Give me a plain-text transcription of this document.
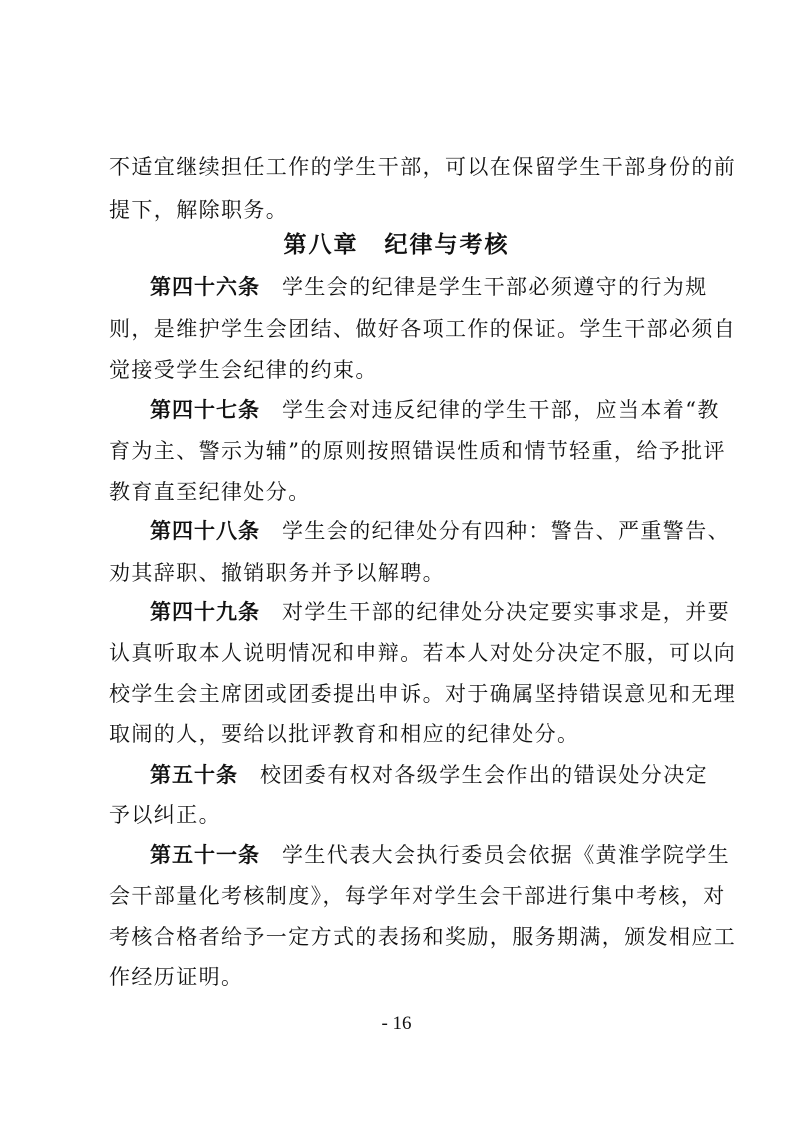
不适宜继续担任工作的学生干部，可以在保留学生干部身份的前
提下，解除职务。
第八章 纪律与考核
第四十六条 学生会的纪律是学生干部必须遵守的行为规
则，是维护学生会团结、做好各项工作的保证。学生干部必须自
觉接受学生会纪律的约束。
第四十七条 学生会对违反纪律的学生干部，应当本着“教
育为主、警示为辅”的原则按照错误性质和情节轻重，给予批评
教育直至纪律处分。
第四十八条 学生会的纪律处分有四种：警告、严重警告、
劝其辞职、撤销职务并予以解聘。
第四十九条 对学生干部的纪律处分决定要实事求是，并要
认真听取本人说明情况和申辩。若本人对处分决定不服，可以向
校学生会主席团或团委提出申诉。对于确属坚持错误意见和无理
取闹的人，要给以批评教育和相应的纪律处分。
第五十条 校团委有权对各级学生会作出的错误处分决定
予以纠正。
第五十一条 学生代表大会执行委员会依据《黄淮学院学生
会干部量化考核制度》，每学年对学生会干部进行集中考核，对
考核合格者给予一定方式的表扬和奖励，服务期满，颁发相应工
作经历证明。
- 16
